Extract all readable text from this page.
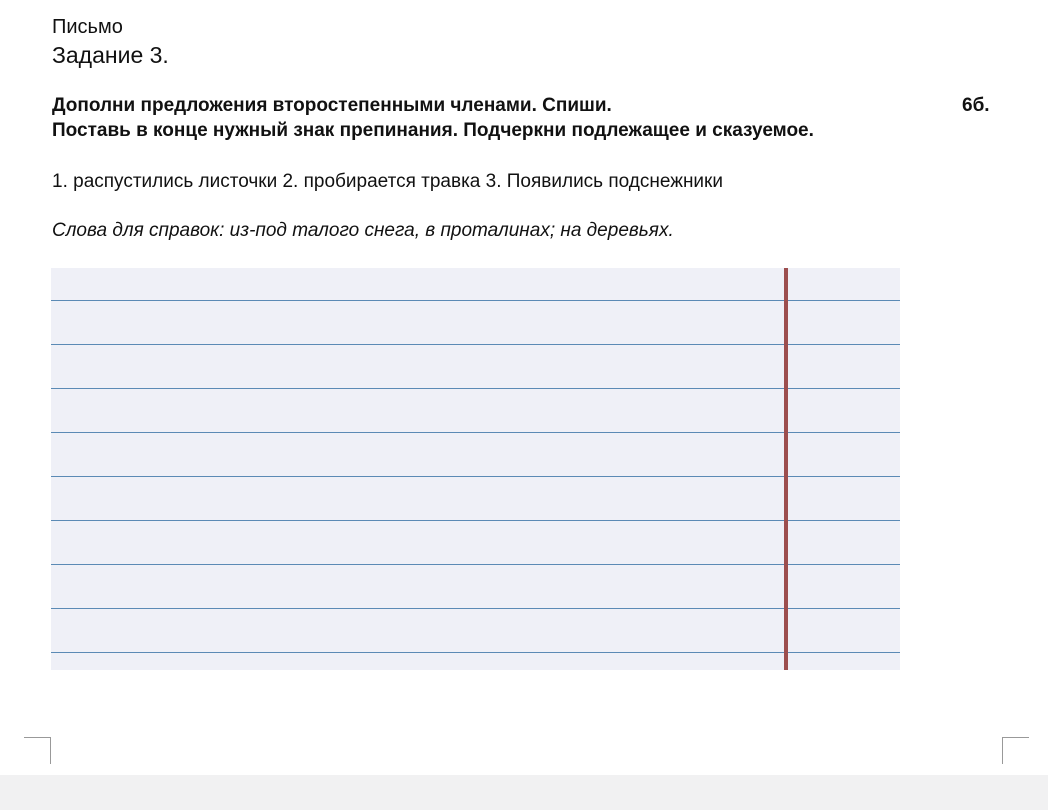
Письмо
Задание 3.
Дополни предложения второстепенными членами. Спиши.
Поставь в конце нужный знак препинания. Подчеркни подлежащее и сказуемое.
6б.
1. распустились листочки 2. пробирается травка 3. Появились подснежники
Слова для справок: из-под талого снега, в проталинах; на деревьях.
